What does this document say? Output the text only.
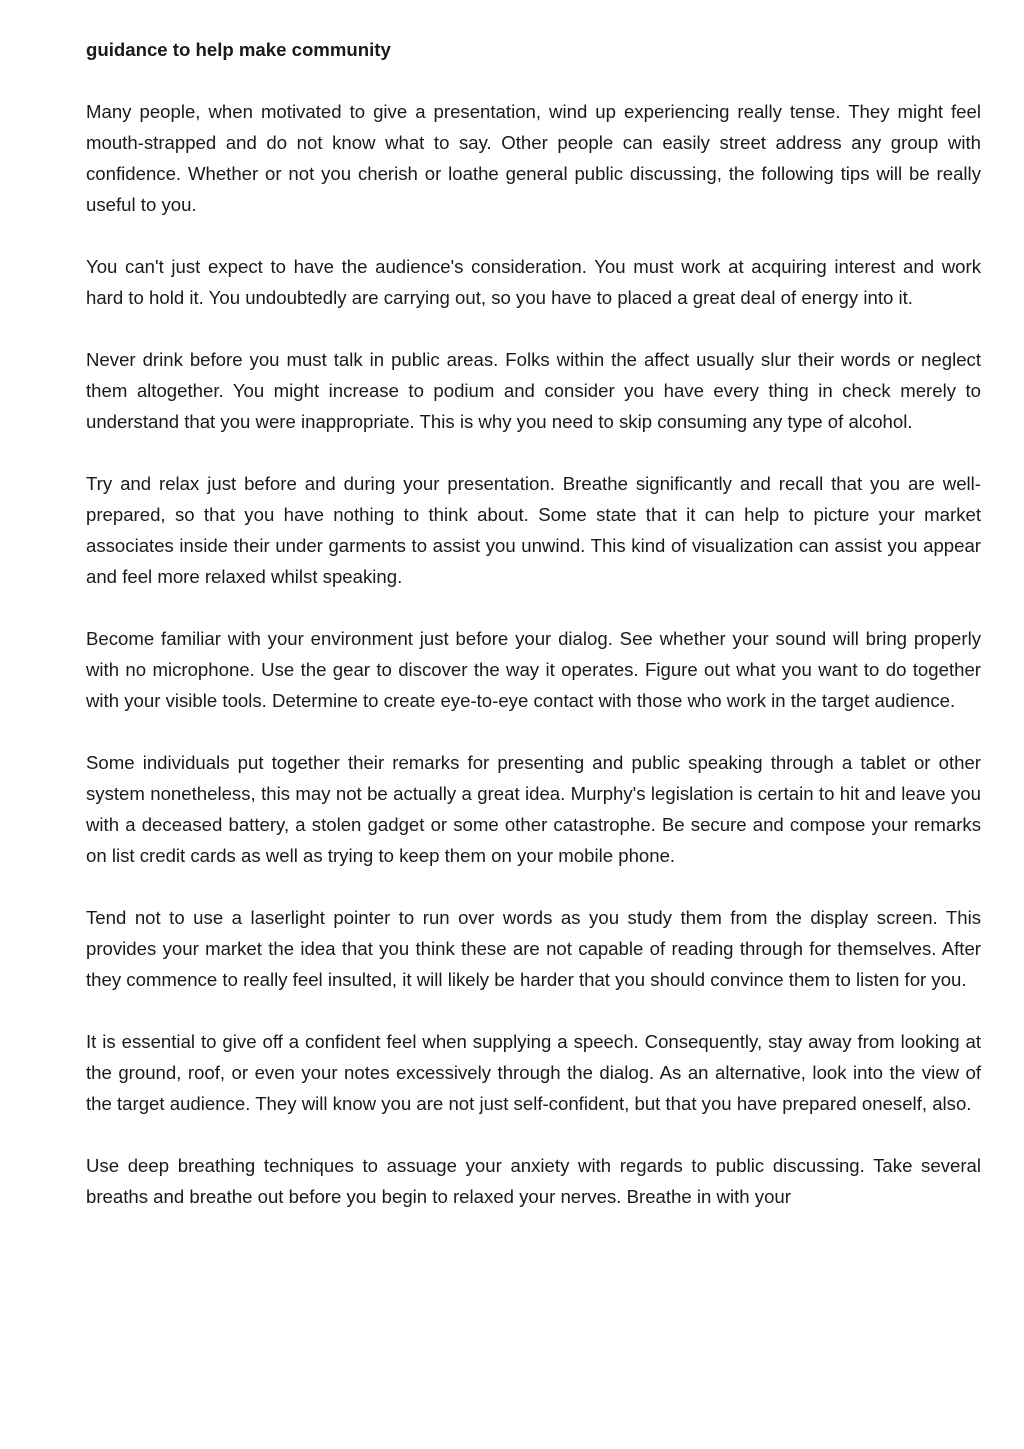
guidance to help make community

Many people, when motivated to give a presentation, wind up experiencing really tense. They might feel mouth-strapped and do not know what to say. Other people can easily street address any group with confidence. Whether or not you cherish or loathe general public discussing, the following tips will be really useful to you.

You can't just expect to have the audience's consideration. You must work at acquiring interest and work hard to hold it. You undoubtedly are carrying out, so you have to placed a great deal of energy into it.

Never drink before you must talk in public areas. Folks within the affect usually slur their words or neglect them altogether. You might increase to podium and consider you have every thing in check merely to understand that you were inappropriate. This is why you need to skip consuming any type of alcohol.

Try and relax just before and during your presentation. Breathe significantly and recall that you are well-prepared, so that you have nothing to think about. Some state that it can help to picture your market associates inside their under garments to assist you unwind. This kind of visualization can assist you appear and feel more relaxed whilst speaking.

Become familiar with your environment just before your dialog. See whether your sound will bring properly with no microphone. Use the gear to discover the way it operates. Figure out what you want to do together with your visible tools. Determine to create eye-to-eye contact with those who work in the target audience.

Some individuals put together their remarks for presenting and public speaking through a tablet or other system nonetheless, this may not be actually a great idea. Murphy's legislation is certain to hit and leave you with a deceased battery, a stolen gadget or some other catastrophe. Be secure and compose your remarks on list credit cards as well as trying to keep them on your mobile phone.

Tend not to use a laserlight pointer to run over words as you study them from the display screen. This provides your market the idea that you think these are not capable of reading through for themselves. After they commence to really feel insulted, it will likely be harder that you should convince them to listen for you.

It is essential to give off a confident feel when supplying a speech. Consequently, stay away from looking at the ground, roof, or even your notes excessively through the dialog. As an alternative, look into the view of the target audience. They will know you are not just self-confident, but that you have prepared oneself, also.

Use deep breathing techniques to assuage your anxiety with regards to public discussing. Take several breaths and breathe out before you begin to relaxed your nerves. Breathe in with your
